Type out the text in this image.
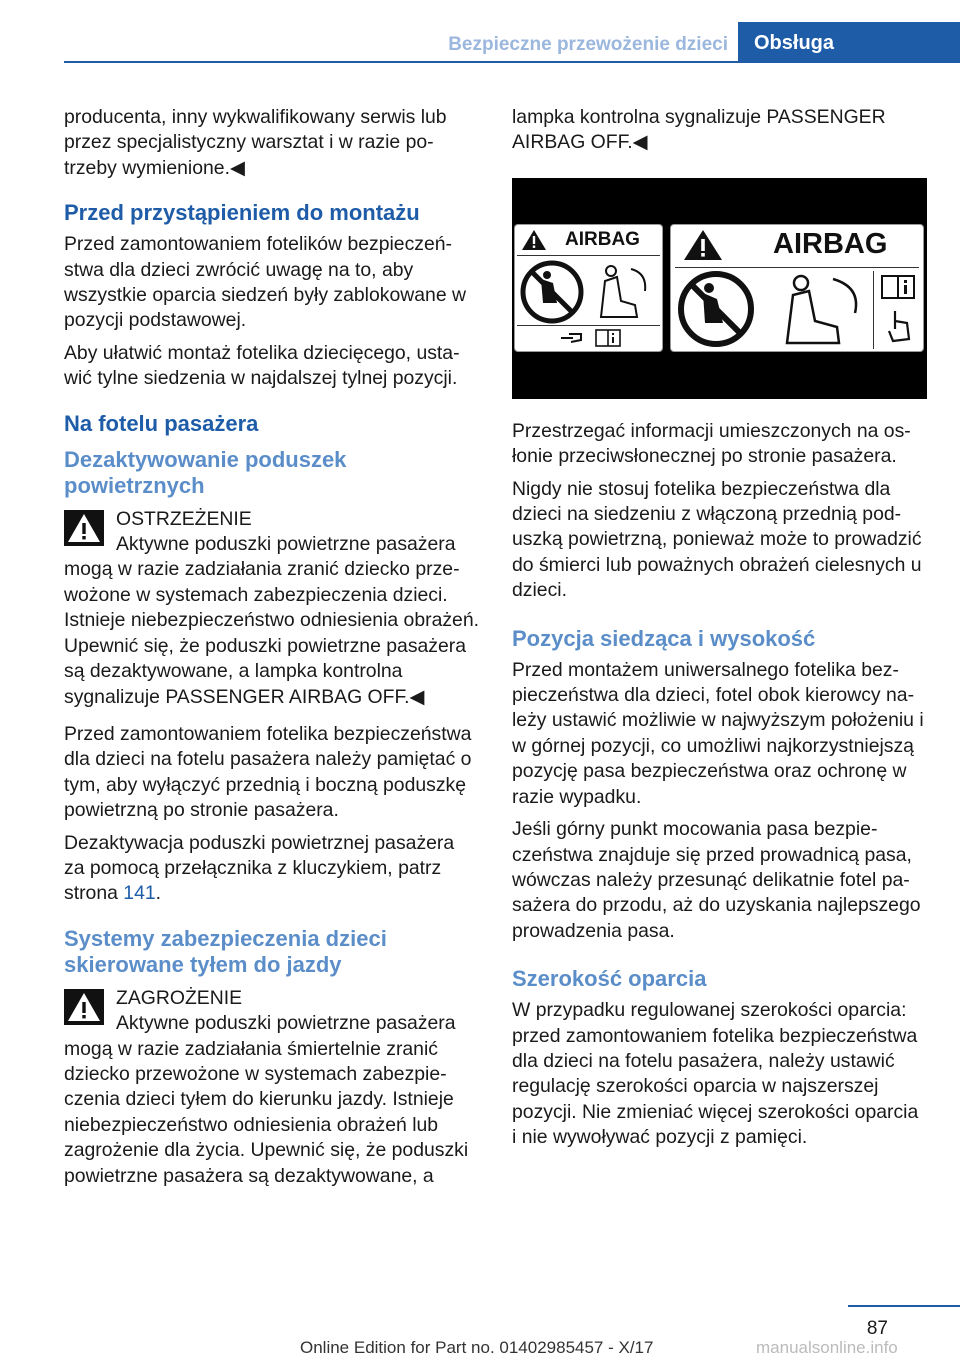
Bezpieczne przewożenie dzieci	Obsługa

producenta, inny wykwalifikowany serwis lub przez specjalistyczny warsztat i w razie potrzeby wymienione.◀

Przed przystąpieniem do montażu

Przed zamontowaniem fotelików bezpieczeństwa dla dzieci zwrócić uwagę na to, aby wszystkie oparcia siedzeń były zablokowane w pozycji podstawowej.

Aby ułatwić montaż fotelika dziecięcego, ustawić tylne siedzenia w najdalszej tylnej pozycji.

Na fotelu pasażera
Dezaktywowanie poduszek powietrznych

OSTRZEŻENIE

Aktywne poduszki powietrzne pasażera mogą w razie zadziałania zranić dziecko przewożone w systemach zabezpieczenia dzieci. Istnieje niebezpieczeństwo odniesienia obrażeń. Upewnić się, że poduszki powietrzne pasażera są dezaktywowane, a lampka kontrolna sygnalizuje PASSENGER AIRBAG OFF.◀

Przed zamontowaniem fotelika bezpieczeństwa dla dzieci na fotelu pasażera należy pamiętać o tym, aby wyłączyć przednią i boczną poduszkę powietrzną po stronie pasażera.

Dezaktywacja poduszki powietrznej pasażera za pomocą przełącznika z kluczykiem, patrz strona 141.

Systemy zabezpieczenia dzieci skierowane tyłem do jazdy

ZAGROŻENIE

Aktywne poduszki powietrzne pasażera mogą w razie zadziałania śmiertelnie zranić dziecko przewożone w systemach zabezpieczenia dzieci tyłem do kierunku jazdy. Istnieje niebezpieczeństwo odniesienia obrażeń lub zagrożenie dla życia. Upewnić się, że poduszki powietrzne pasażera są dezaktywowane, a

lampka kontrolna sygnalizuje PASSENGER AIRBAG OFF.◀

AIRBAG	AIRBAG

Przestrzegać informacji umieszczonych na osłonie przeciwsłonecznej po stronie pasażera.

Nigdy nie stosuj fotelika bezpieczeństwa dla dzieci na siedzeniu z włączoną przednią poduszką powietrzną, ponieważ może to prowadzić do śmierci lub poważnych obrażeń cielesnych u dzieci.

Pozycja siedząca i wysokość

Przed montażem uniwersalnego fotelika bezpieczeństwa dla dzieci, fotel obok kierowcy należy ustawić możliwie w najwyższym położeniu i w górnej pozycji, co umożliwi najkorzystniejszą pozycję pasa bezpieczeństwa oraz ochronę w razie wypadku.

Jeśli górny punkt mocowania pasa bezpieczeństwa znajduje się przed prowadnicą pasa, wówczas należy przesunąć delikatnie fotel pasażera do przodu, aż do uzyskania najlepszego prowadzenia pasa.

Szerokość oparcia

W przypadku regulowanej szerokości oparcia: przed zamontowaniem fotelika bezpieczeństwa dla dzieci na fotelu pasażera, należy ustawić regulację szerokości oparcia w najszerszej pozycji. Nie zmieniać więcej szerokości oparcia i nie wywoływać pozycji z pamięci.

87
Online Edition for Part no. 01402985457 - X/17	manualsonline.info
